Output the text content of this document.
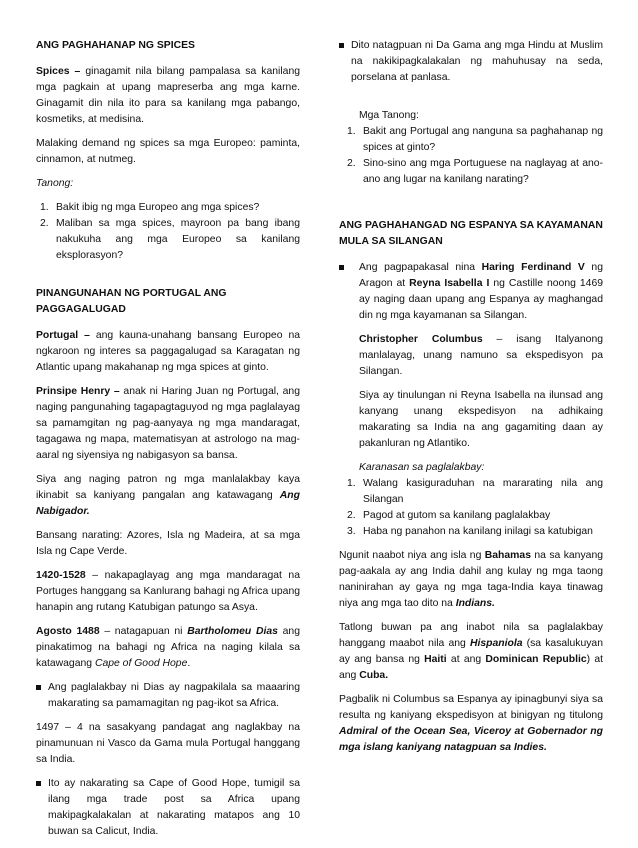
ANG PAGHAHANAP NG SPICES

Spices – ginagamit nila bilang pampalasa sa kanilang mga pagkain at upang mapreserba ang mga karne. Ginagamit din nila ito para sa kanilang mga pabango, kosmetiks, at medisina.

Malaking demand ng spices sa mga Europeo: paminta, cinnamon, at nutmeg.

Tanong:

1. Bakit ibig ng mga Europeo ang mga spices?
2. Maliban sa mga spices, mayroon pa bang ibang nakukuha ang mga Europeo sa kanilang eksplorasyon?
PINANGUNAHAN NG PORTUGAL ANG PAGGAGALUGAD

Portugal – ang kauna-unahang bansang Europeo na ngkaroon ng interes sa paggagalugad sa Karagatan ng Atlantic upang makahanap ng mga spices at ginto.

Prinsipe Henry – anak ni Haring Juan ng Portugal, ang naging pangunahing tagapagtaguyod ng mga paglalayag sa pamamgitan ng pag-aanyaya ng mga mandaragat, tagagawa ng mapa, matematisyan at astrologo na mag-aaral ng siyensiya ng nabigasyon sa bansa.

Siya ang naging patron ng mga manlalakbay kaya ikinabit sa kaniyang pangalan ang katawagang Ang Nabigador.

Bansang narating: Azores, Isla ng Madeira, at sa mga Isla ng Cape Verde.

1420-1528 – nakapaglayag ang mga mandaragat na Portuges hanggang sa Kanlurang bahagi ng Africa upang hanapin ang rutang Katubigan patungo sa Asya.

Agosto 1488 – natagapuan ni Bartholomeu Dias ang pinakatimog na bahagi ng Africa na naging kilala sa katawagang Cape of Good Hope.

Ang paglalakbay ni Dias ay nagpakilala sa maaaring makarating sa pamamagitan ng pag-ikot sa Africa.

1497 – 4 na sasakyang pandagat ang naglakbay na pinamunuan ni Vasco da Gama mula Portugal hanggang sa India.

Ito ay nakarating sa Cape of Good Hope, tumigil sa ilang mga trade post sa Africa upang makipagkalakalan at nakarating matapos ang 10 buwan sa Calicut, India.
Dito natagpuan ni Da Gama ang mga Hindu at Muslim na nakikipagkalakalan ng mahuhusay na seda, porselana at panlasa.

Mga Tanong:

1. Bakit ang Portugal ang nanguna sa paghahanap ng spices at ginto?
2. Sino-sino ang mga Portuguese na naglayag at ano-ano ang lugar na kanilang narating?
ANG PAGHAHANGAD NG ESPANYA SA KAYAMANAN MULA SA SILANGAN
Ang pagpapakasal nina Haring Ferdinand V ng Aragon at Reyna Isabella I ng Castille noong 1469 ay naging daan upang ang Espanya ay maghangad din ng mga kayamanan sa Silangan.

Christopher Columbus – isang Italyanong manlalayag, unang namuno sa ekspedisyon pa Silangan.

Siya ay tinulungan ni Reyna Isabella na ilunsad ang kanyang unang ekspedisyon na adhikaing makarating sa India na ang gagamiting daan ay pakanluran ng Atlantiko.

Karanasan sa paglalakbay:

1. Walang kasiguraduhan na mararating nila ang Silangan
2. Pagod at gutom sa kanilang paglalakbay
3. Haba ng panahon na kanilang inilagi sa katubigan

Ngunit naabot niya ang isla ng Bahamas na sa kanyang pag-aakala ay ang India dahil ang kulay ng mga taong naninirahan ay gaya ng mga taga-India kaya tinawag niya ang mga tao dito na Indians.

Tatlong buwan pa ang inabot nila sa paglalakbay hanggang maabot nila ang Hispaniola (sa kasalukuyan ay ang bansa ng Haiti at ang Dominican Republic) at ang Cuba.

Pagbalik ni Columbus sa Espanya ay ipinagbunyi siya sa resulta ng kaniyang ekspedisyon at binigyan ng titulong Admiral of the Ocean Sea, Viceroy at Gobernador ng mga islang kaniyang natagpuan sa Indies.
